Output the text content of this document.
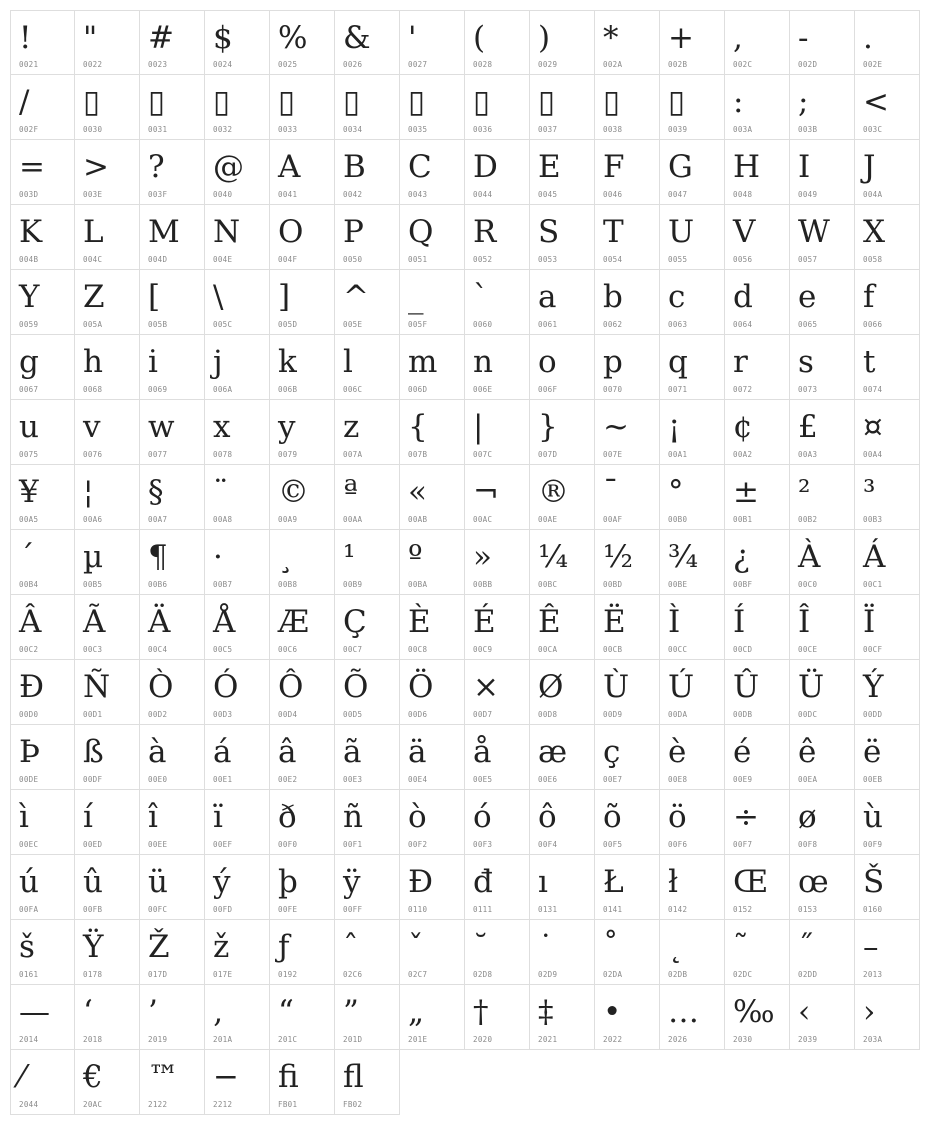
!
0021
"
0022
#
0023
$
0024
%
0025
&
0026
'
0027
(
0028
)
0029
*
002A
+
002B
,
002C
-
002D
.
002E
/
002F
▯
0030
▯
0031
▯
0032
▯
0033
▯
0034
▯
0035
▯
0036
▯
0037
▯
0038
▯
0039
:
003A
;
003B
<
003C
=
003D
>
003E
?
003F
@
0040
A
0041
B
0042
C
0043
D
0044
E
0045
F
0046
G
0047
H
0048
I
0049
J
004A
K
004B
L
004C
M
004D
N
004E
O
004F
P
0050
Q
0051
R
0052
S
0053
T
0054
U
0055
V
0056
W
0057
X
0058
Y
0059
Z
005A
[
005B
\
005C
]
005D
^
005E
_
005F
`
0060
a
0061
b
0062
c
0063
d
0064
e
0065
f
0066
g
0067
h
0068
i
0069
j
006A
k
006B
l
006C
m
006D
n
006E
o
006F
p
0070
q
0071
r
0072
s
0073
t
0074
u
0075
v
0076
w
0077
x
0078
y
0079
z
007A
{
007B
|
007C
}
007D
~
007E
¡
00A1
¢
00A2
£
00A3
¤
00A4
¥
00A5
¦
00A6
§
00A7
¨
00A8
©
00A9
ª
00AA
«
00AB
¬
00AC
®
00AE
¯
00AF
°
00B0
±
00B1
²
00B2
³
00B3
´
00B4
µ
00B5
¶
00B6
·
00B7
¸
00B8
¹
00B9
º
00BA
»
00BB
¼
00BC
½
00BD
¾
00BE
¿
00BF
À
00C0
Á
00C1
Â
00C2
Ã
00C3
Ä
00C4
Å
00C5
Æ
00C6
Ç
00C7
È
00C8
É
00C9
Ê
00CA
Ë
00CB
Ì
00CC
Í
00CD
Î
00CE
Ï
00CF
Ð
00D0
Ñ
00D1
Ò
00D2
Ó
00D3
Ô
00D4
Õ
00D5
Ö
00D6
×
00D7
Ø
00D8
Ù
00D9
Ú
00DA
Û
00DB
Ü
00DC
Ý
00DD
Þ
00DE
ß
00DF
à
00E0
á
00E1
â
00E2
ã
00E3
ä
00E4
å
00E5
æ
00E6
ç
00E7
è
00E8
é
00E9
ê
00EA
ë
00EB
ì
00EC
í
00ED
î
00EE
ï
00EF
ð
00F0
ñ
00F1
ò
00F2
ó
00F3
ô
00F4
õ
00F5
ö
00F6
÷
00F7
ø
00F8
ù
00F9
ú
00FA
û
00FB
ü
00FC
ý
00FD
þ
00FE
ÿ
00FF
Đ
0110
đ
0111
ı
0131
Ł
0141
ł
0142
Œ
0152
œ
0153
Š
0160
š
0161
Ÿ
0178
Ž
017D
ž
017E
ƒ
0192
ˆ
02C6
ˇ
02C7
˘
02D8
˙
02D9
˚
02DA
˛
02DB
˜
02DC
˝
02DD
–
2013
—
2014
‘
2018
’
2019
‚
201A
“
201C
”
201D
„
201E
†
2020
‡
2021
•
2022
…
2026
‰
2030
‹
2039
›
203A
⁄
2044
€
20AC
™
2122
−
2212
ﬁ
FB01
ﬂ
FB02
